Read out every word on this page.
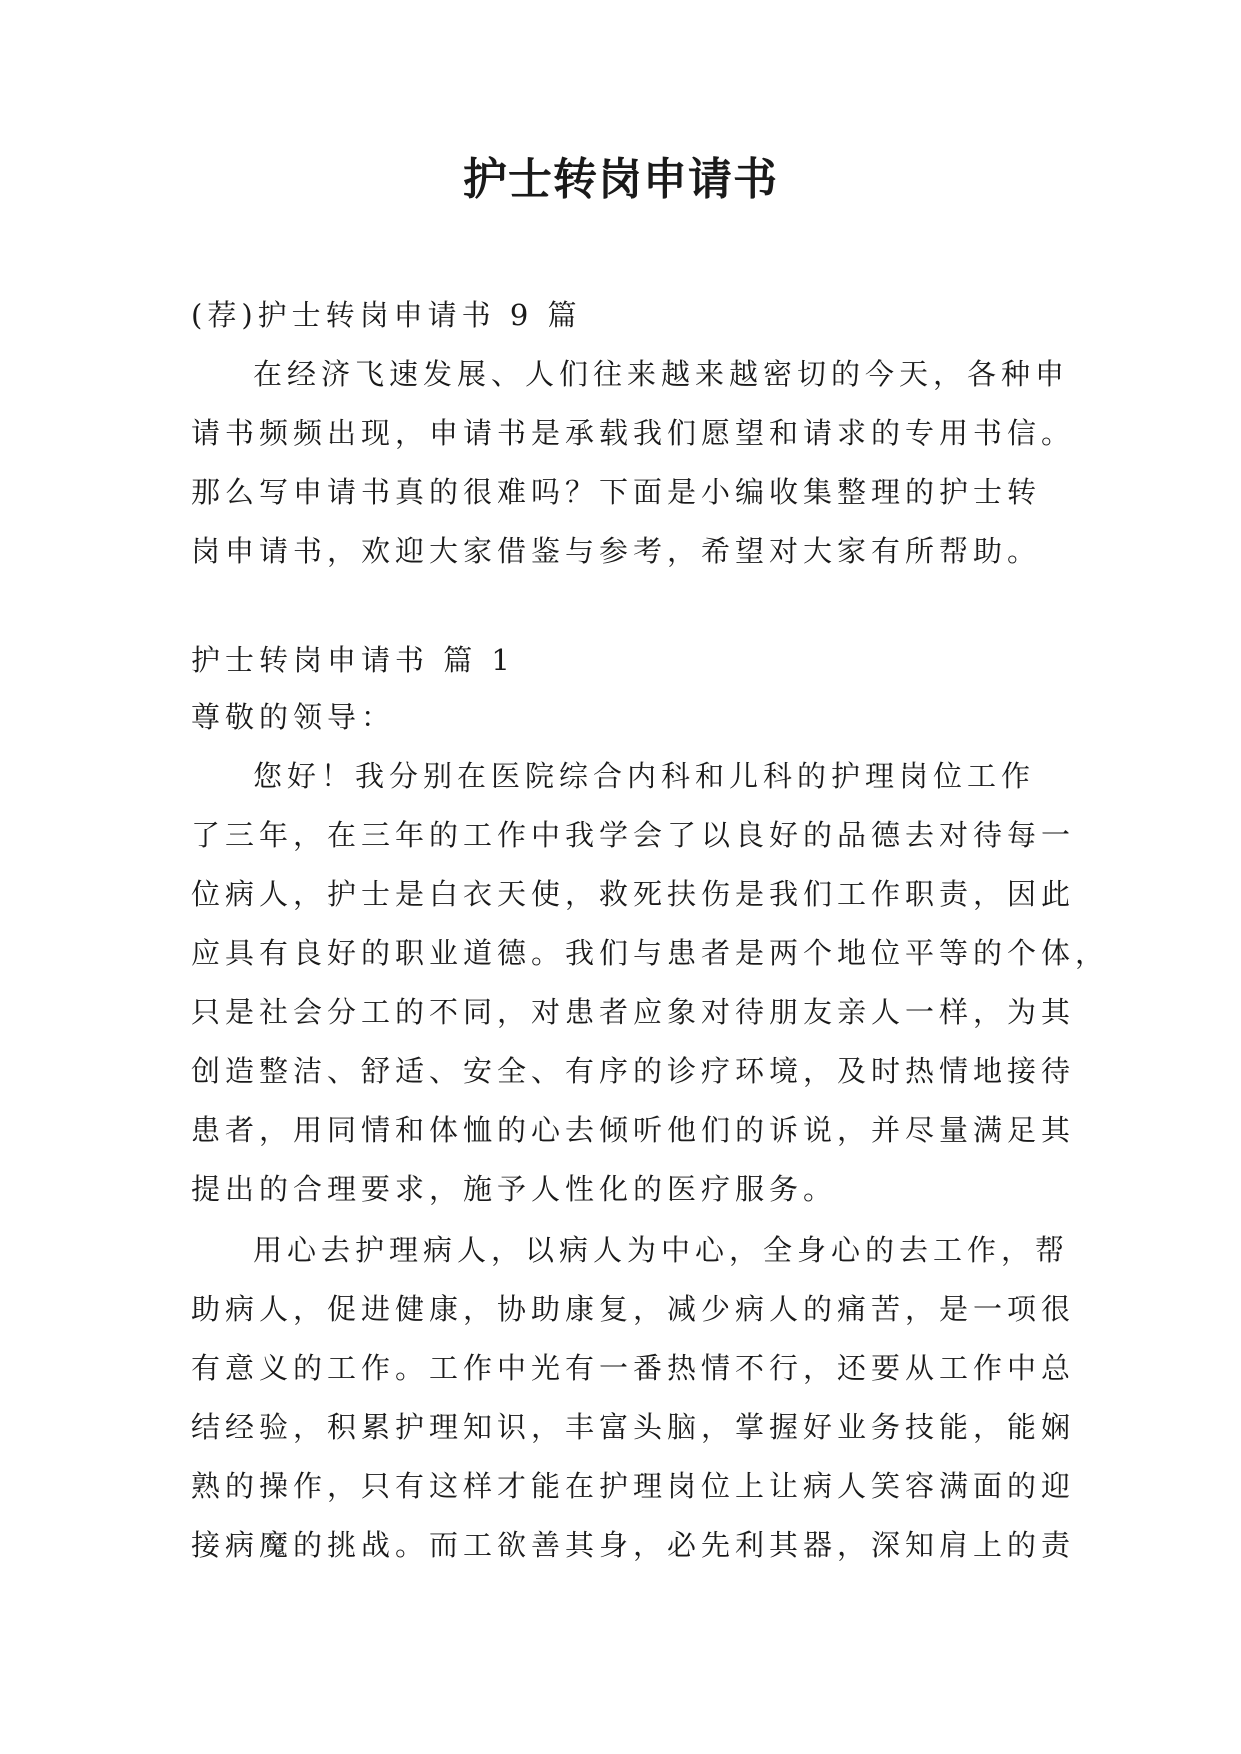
护士转岗申请书

(荐)护士转岗申请书 9 篇

在经济飞速发展、人们往来越来越密切的今天，各种申

请书频频出现，申请书是承载我们愿望和请求的专用书信。

那么写申请书真的很难吗？下面是小编收集整理的护士转

岗申请书，欢迎大家借鉴与参考，希望对大家有所帮助。

护士转岗申请书 篇 1

尊敬的领导：

您好！我分别在医院综合内科和儿科的护理岗位工作

了三年，在三年的工作中我学会了以良好的品德去对待每一

位病人，护士是白衣天使，救死扶伤是我们工作职责，因此

应具有良好的职业道德。我们与患者是两个地位平等的个体，

只是社会分工的不同，对患者应象对待朋友亲人一样，为其

创造整洁、舒适、安全、有序的诊疗环境，及时热情地接待

患者，用同情和体恤的心去倾听他们的诉说，并尽量满足其

提出的合理要求，施予人性化的医疗服务。

用心去护理病人，以病人为中心，全身心的去工作，帮

助病人，促进健康，协助康复，减少病人的痛苦，是一项很

有意义的工作。工作中光有一番热情不行，还要从工作中总

结经验，积累护理知识，丰富头脑，掌握好业务技能，能娴

熟的操作，只有这样才能在护理岗位上让病人笑容满面的迎

接病魔的挑战。而工欲善其身，必先利其器，深知肩上的责
